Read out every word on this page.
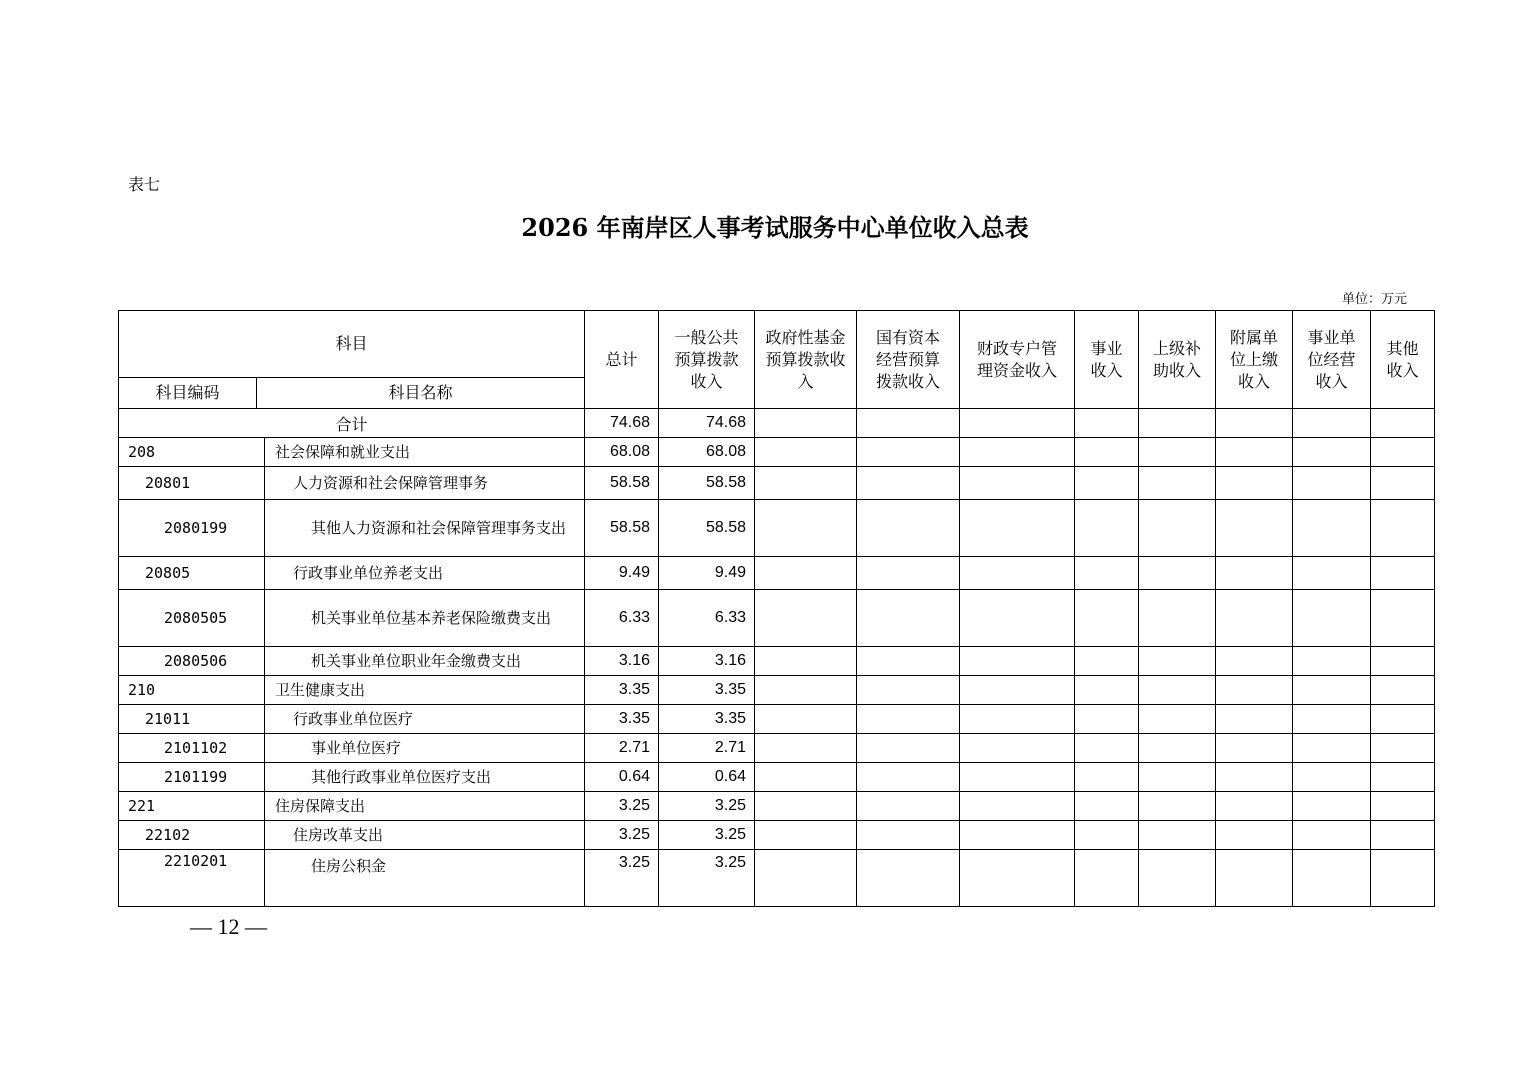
表七
2026 年南岸区人事考试服务中心单位收入总表
单位：万元
科目			总计	一般公共预算拨款收入	政府性基金预算拨款收入	国有资本经营预算拨款收入	财政专户管理资金收入	事业收入	上级补助收入	附属单位上缴收入	事业单位经营收入	其他收入
科目编码	科目名称											
合计			74.68	74.68								
208		社会保障和就业支出	68.08	68.08								
20801		人力资源和社会保障管理事务	58.58	58.58								
2080199		其他人力资源和社会保障管理事务支出	58.58	58.58								
20805		行政事业单位养老支出	9.49	9.49								
2080505		机关事业单位基本养老保险缴费支出	6.33	6.33								
2080506		机关事业单位职业年金缴费支出	3.16	3.16								
210		卫生健康支出	3.35	3.35								
21011		行政事业单位医疗	3.35	3.35								
2101102		事业单位医疗	2.71	2.71								
2101199		其他行政事业单位医疗支出	0.64	0.64								
221		住房保障支出	3.25	3.25								
22102		住房改革支出	3.25	3.25								
2210201		住房公积金	3.25	3.25								
— 12 —
